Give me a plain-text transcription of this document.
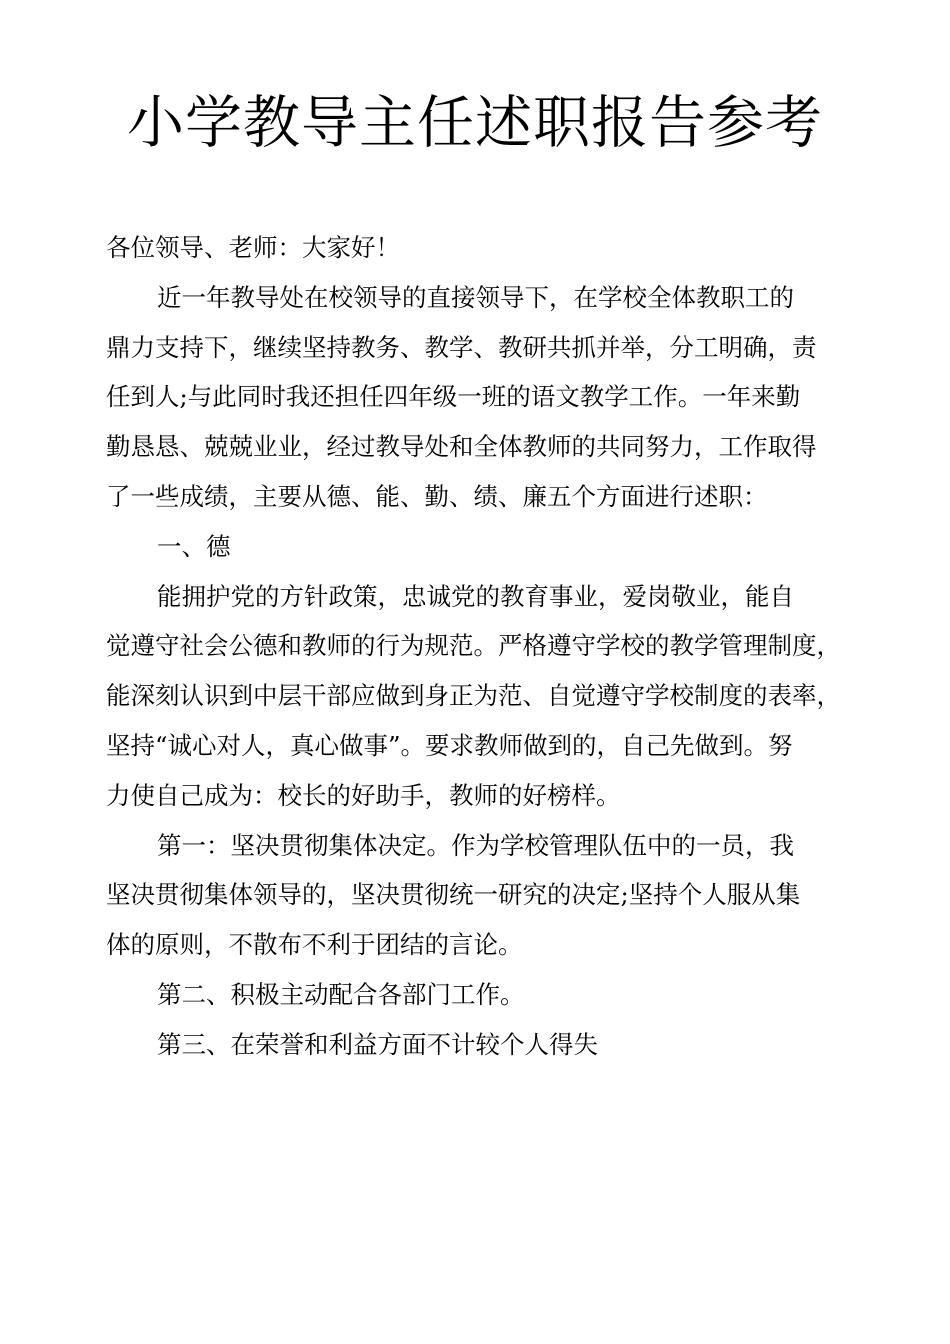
小学教导主任述职报告参考
各位领导、老师：大家好！
近一年教导处在校领导的直接领导下，在学校全体教职工的
鼎力支持下，继续坚持教务、教学、教研共抓并举，分工明确，责
任到人;与此同时我还担任四年级一班的语文教学工作。一年来勤
勤恳恳、兢兢业业，经过教导处和全体教师的共同努力，工作取得
了一些成绩，主要从德、能、勤、绩、廉五个方面进行述职：
一、德
能拥护党的方针政策，忠诚党的教育事业，爱岗敬业，能自
觉遵守社会公德和教师的行为规范。严格遵守学校的教学管理制度，
能深刻认识到中层干部应做到身正为范、自觉遵守学校制度的表率，
坚持“诚心对人，真心做事”。要求教师做到的，自己先做到。努
力使自己成为：校长的好助手，教师的好榜样。
第一：坚决贯彻集体决定。作为学校管理队伍中的一员，我
坚决贯彻集体领导的，坚决贯彻统一研究的决定;坚持个人服从集
体的原则，不散布不利于团结的言论。
第二、积极主动配合各部门工作。
第三、在荣誉和利益方面不计较个人得失
